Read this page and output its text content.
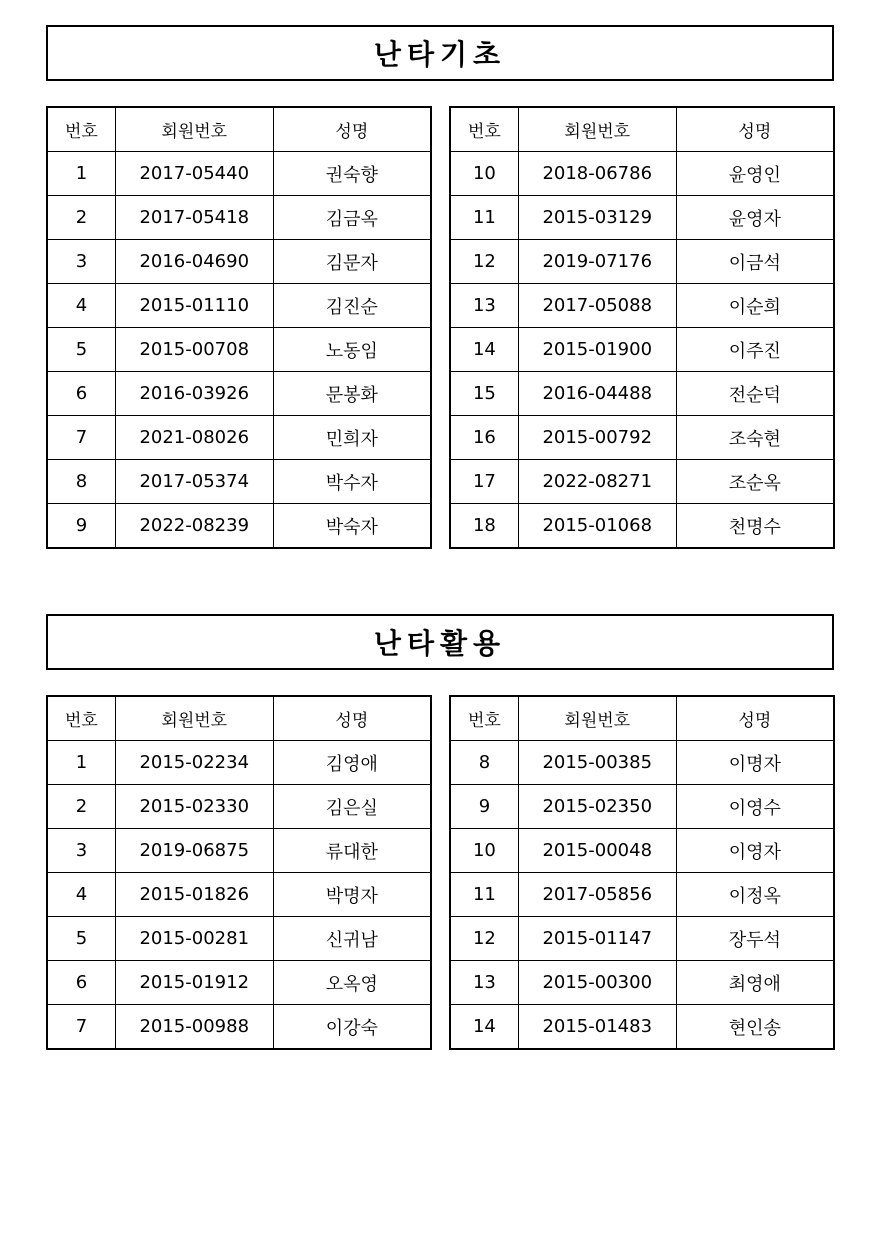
난타기초
번호	회원번호	성명
1	2017-05440	권숙향
2	2017-05418	김금옥
3	2016-04690	김문자
4	2015-01110	김진순
5	2015-00708	노동임
6	2016-03926	문봉화
7	2021-08026	민희자
8	2017-05374	박수자
9	2022-08239	박숙자
번호	회원번호	성명
10	2018-06786	윤영인
11	2015-03129	윤영자
12	2019-07176	이금석
13	2017-05088	이순희
14	2015-01900	이주진
15	2016-04488	전순덕
16	2015-00792	조숙현
17	2022-08271	조순옥
18	2015-01068	천명수
난타활용
번호	회원번호	성명
1	2015-02234	김영애
2	2015-02330	김은실
3	2019-06875	류대한
4	2015-01826	박명자
5	2015-00281	신귀남
6	2015-01912	오옥영
7	2015-00988	이강숙
번호	회원번호	성명
8	2015-00385	이명자
9	2015-02350	이영수
10	2015-00048	이영자
11	2017-05856	이정옥
12	2015-01147	장두석
13	2015-00300	최영애
14	2015-01483	현인송
